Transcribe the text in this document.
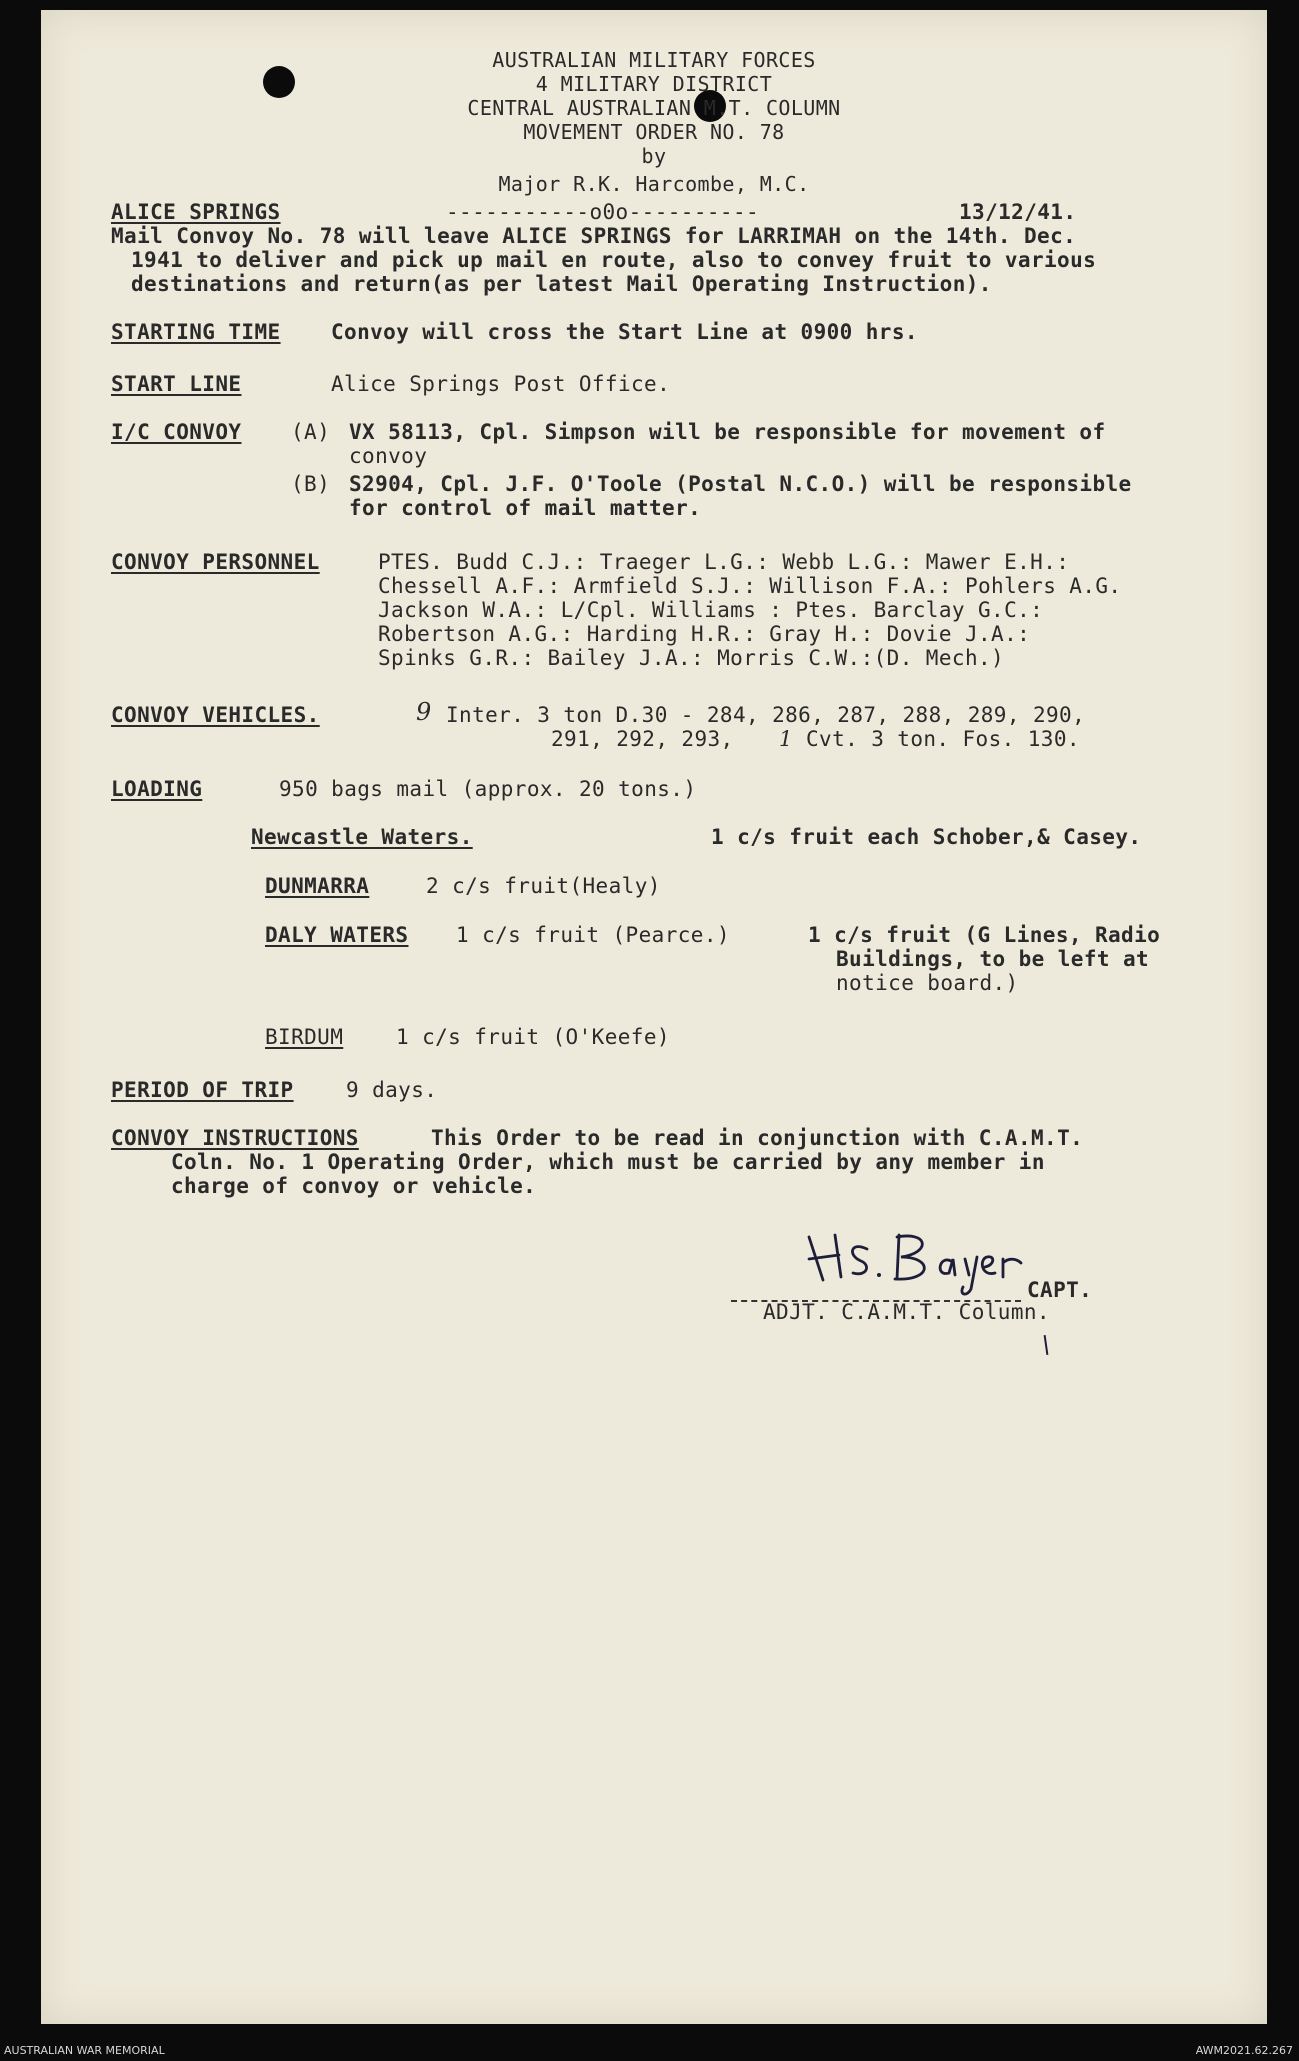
AUSTRALIAN MILITARY FORCES
4 MILITARY DISTRICT
CENTRAL AUSTRALIAN M.T. COLUMN
MOVEMENT ORDER NO. 78
by
Major R.K. Harcombe, M.C.
ALICE SPRINGS	-----------o0o----------	13/12/41.
Mail Convoy No. 78 will leave ALICE SPRINGS for LARRIMAH on the 14th. Dec.
1941 to deliver and pick up mail en route, also to convey fruit to various
destinations and return(as per latest Mail Operating Instruction).
STARTING TIME Convoy will cross the Start Line at 0900 hrs.
START LINE	Alice Springs Post Office.
I/C CONVOY (A) VX 58113, Cpl. Simpson will be responsible for movement of
convoy
(B) S2904, Cpl. J.F. O'Toole (Postal N.C.O.) will be responsible
for control of mail matter.
CONVOY PERSONNEL	PTES. Budd C.J.: Traeger L.G.: Webb L.G.: Mawer E.H.:
Chessell A.F.: Armfield S.J.: Willison F.A.: Pohlers A.G.
Jackson W.A.: L/Cpl. Williams : Ptes. Barclay G.C.:
Robertson A.G.: Harding H.R.: Gray H.: Dovie J.A.:
Spinks G.R.: Bailey J.A.: Morris C.W.:(D. Mech.)
CONVOY VEHICLES.	9 Inter. 3 ton D.30 - 284, 286, 287, 288, 289, 290,
291, 292, 293, 1 Cvt. 3 ton. Fos. 130.
LOADING	950 bags mail (approx. 20 tons.)
Newcastle Waters.	1 c/s fruit each Schober,& Casey.
DUNMARRA	2 c/s fruit(Healy)
DALY WATERS 1 c/s fruit (Pearce.)	1 c/s fruit (G Lines, Radio
Buildings, to be left at
notice board.)
BIRDUM	1 c/s fruit (O'Keefe)
PERIOD OF TRIP 9 days.
CONVOY INSTRUCTIONS	This Order to be read in conjunction with C.A.M.T.
Coln. No. 1 Operating Order, which must be carried by any member in
charge of convoy or vehicle.
CAPT.
ADJT. C.A.M.T. Column.
AUSTRALIAN WAR MEMORIAL	AWM2021.62.267
